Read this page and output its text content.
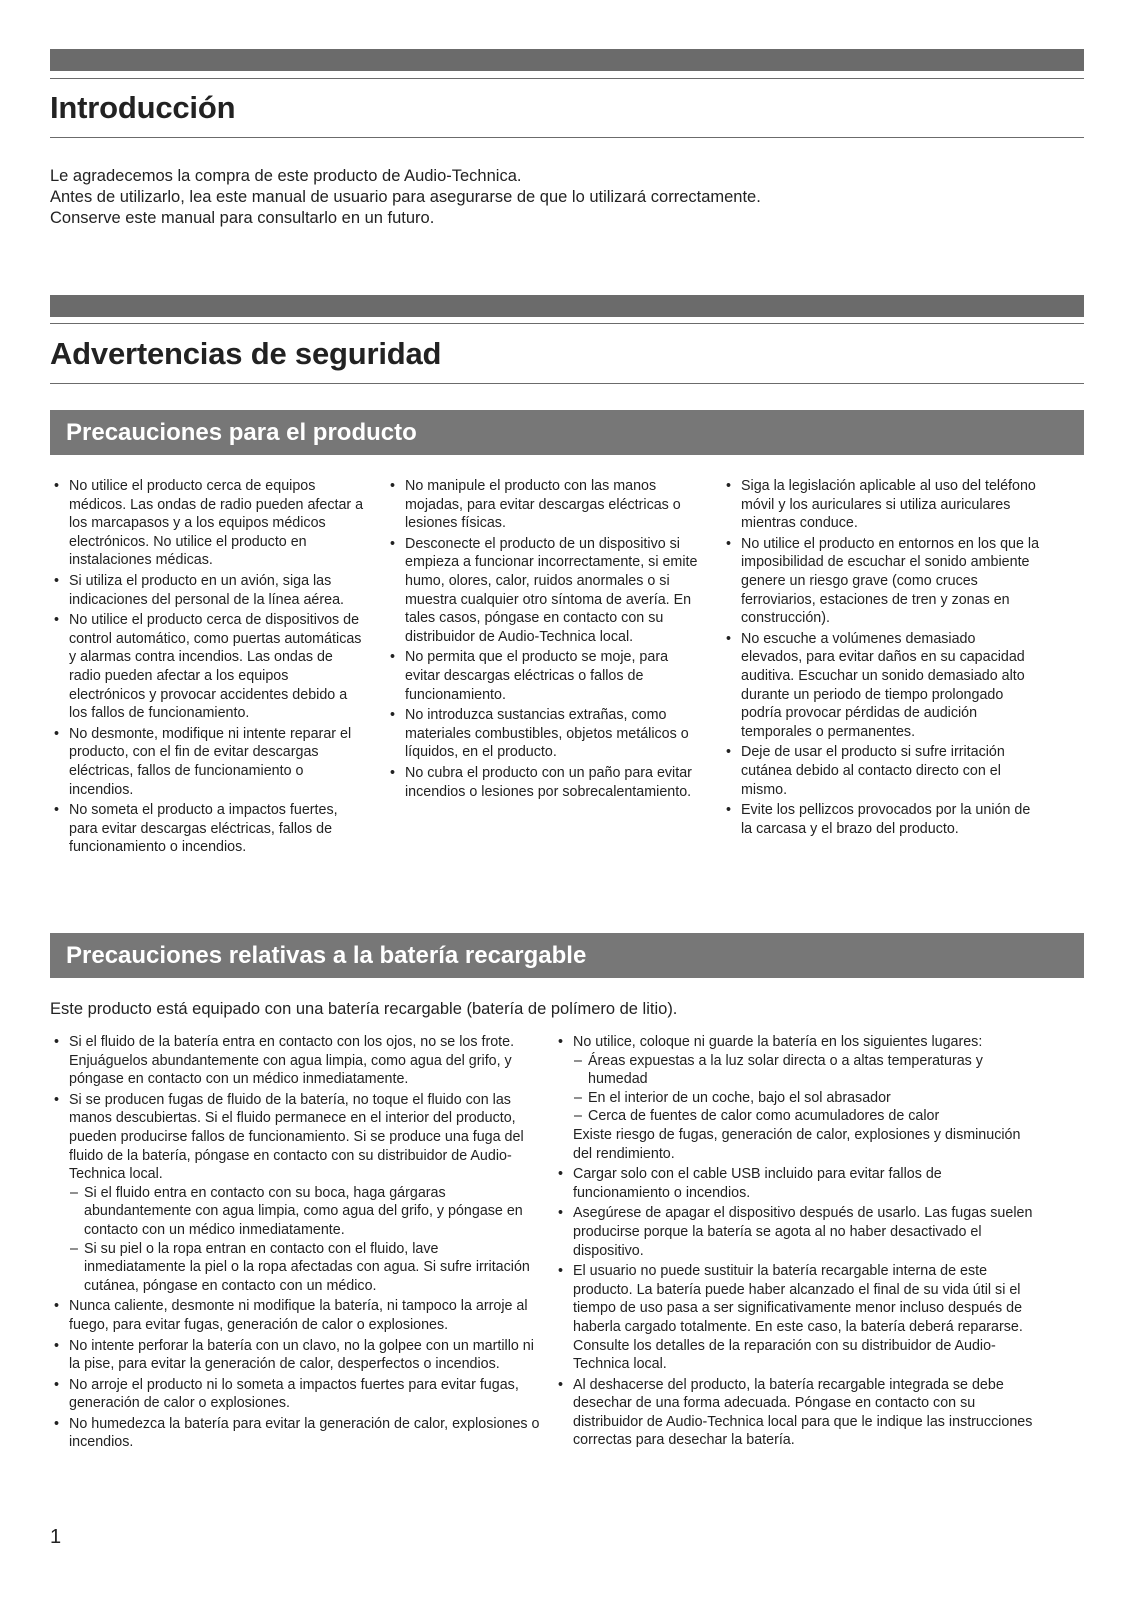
Introducción
Le agradecemos la compra de este producto de Audio-Technica.
Antes de utilizarlo, lea este manual de usuario para asegurarse de que lo utilizará correctamente.
Conserve este manual para consultarlo en un futuro.
Advertencias de seguridad
Precauciones para el producto
• No utilice el producto cerca de equipos médicos. Las ondas de radio pueden afectar a los marcapasos y a los equipos médicos electrónicos. No utilice el producto en instalaciones médicas.
• Si utiliza el producto en un avión, siga las indicaciones del personal de la línea aérea.
• No utilice el producto cerca de dispositivos de control automático, como puertas automáticas y alarmas contra incendios. Las ondas de radio pueden afectar a los equipos electrónicos y provocar accidentes debido a los fallos de funcionamiento.
• No desmonte, modifique ni intente reparar el producto, con el fin de evitar descargas eléctricas, fallos de funcionamiento o incendios.
• No someta el producto a impactos fuertes, para evitar descargas eléctricas, fallos de funcionamiento o incendios.
• No manipule el producto con las manos mojadas, para evitar descargas eléctricas o lesiones físicas.
• Desconecte el producto de un dispositivo si empieza a funcionar incorrectamente, si emite humo, olores, calor, ruidos anormales o si muestra cualquier otro síntoma de avería. En tales casos, póngase en contacto con su distribuidor de Audio-Technica local.
• No permita que el producto se moje, para evitar descargas eléctricas o fallos de funcionamiento.
• No introduzca sustancias extrañas, como materiales combustibles, objetos metálicos o líquidos, en el producto.
• No cubra el producto con un paño para evitar incendios o lesiones por sobrecalentamiento.
• Siga la legislación aplicable al uso del teléfono móvil y los auriculares si utiliza auriculares mientras conduce.
• No utilice el producto en entornos en los que la imposibilidad de escuchar el sonido ambiente genere un riesgo grave (como cruces ferroviarios, estaciones de tren y zonas en construcción).
• No escuche a volúmenes demasiado elevados, para evitar daños en su capacidad auditiva. Escuchar un sonido demasiado alto durante un periodo de tiempo prolongado podría provocar pérdidas de audición temporales o permanentes.
• Deje de usar el producto si sufre irritación cutánea debido al contacto directo con el mismo.
• Evite los pellizcos provocados por la unión de la carcasa y el brazo del producto.
Precauciones relativas a la batería recargable
Este producto está equipado con una batería recargable (batería de polímero de litio).
• Si el fluido de la batería entra en contacto con los ojos, no se los frote. Enjuáguelos abundantemente con agua limpia, como agua del grifo, y póngase en contacto con un médico inmediatamente.
• Si se producen fugas de fluido de la batería, no toque el fluido con las manos descubiertas. Si el fluido permanece en el interior del producto, pueden producirse fallos de funcionamiento. Si se produce una fuga del fluido de la batería, póngase en contacto con su distribuidor de Audio-Technica local.
– Si el fluido entra en contacto con su boca, haga gárgaras abundantemente con agua limpia, como agua del grifo, y póngase en contacto con un médico inmediatamente.
– Si su piel o la ropa entran en contacto con el fluido, lave inmediatamente la piel o la ropa afectadas con agua. Si sufre irritación cutánea, póngase en contacto con un médico.
• Nunca caliente, desmonte ni modifique la batería, ni tampoco la arroje al fuego, para evitar fugas, generación de calor o explosiones.
• No intente perforar la batería con un clavo, no la golpee con un martillo ni la pise, para evitar la generación de calor, desperfectos o incendios.
• No arroje el producto ni lo someta a impactos fuertes para evitar fugas, generación de calor o explosiones.
• No humedezca la batería para evitar la generación de calor, explosiones o incendios.
• No utilice, coloque ni guarde la batería en los siguientes lugares:
– Áreas expuestas a la luz solar directa o a altas temperaturas y humedad
– En el interior de un coche, bajo el sol abrasador
– Cerca de fuentes de calor como acumuladores de calor
Existe riesgo de fugas, generación de calor, explosiones y disminución del rendimiento.
• Cargar solo con el cable USB incluido para evitar fallos de funcionamiento o incendios.
• Asegúrese de apagar el dispositivo después de usarlo. Las fugas suelen producirse porque la batería se agota al no haber desactivado el dispositivo.
• El usuario no puede sustituir la batería recargable interna de este producto. La batería puede haber alcanzado el final de su vida útil si el tiempo de uso pasa a ser significativamente menor incluso después de haberla cargado totalmente. En este caso, la batería deberá repararse. Consulte los detalles de la reparación con su distribuidor de Audio-Technica local.
• Al deshacerse del producto, la batería recargable integrada se debe desechar de una forma adecuada. Póngase en contacto con su distribuidor de Audio-Technica local para que le indique las instrucciones correctas para desechar la batería.
1
